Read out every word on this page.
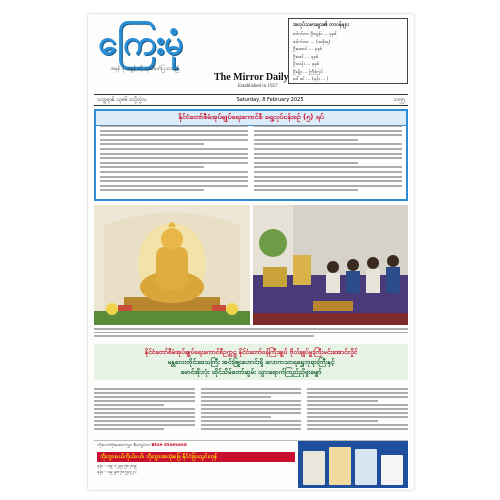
ကြေးမုံ
အမှန် ဖို အမှုန် ကို ထုတ်ဖော်ပြသသည်
The Mirror Daily
Established in 1957
အလုပ်သမားများ၏ တာဝန်များ
ဒေါက်တာ ဦးထွန်း ... ခုနစ်
ဒေါက်တာ ... (အစိုးရ)
ဦးအောင် ... ခုနစ်
ဦးဇော် ... ခုနစ်
ဦးသန်း ... ခုနစ်
ဦးမျိုး ... ကြီးကြပ်
ဒေါ်ခင် ... (ဖုန်း ... )
သက္ကရာဇ် ၁၃၈၆ တပို့တွဲလ	Saturday, 8 February 2025	၁၁၅၅
နိုင်ငံတော်စီမံအုပ်ချုပ်ရေးကောင်စီ ရှေ့လုပ်ငန်းစဉ် (၅) ရပ်
နိုင်ငံတော်စီမံအုပ်ချုပ်ရေးကောင်စီဥက္ကဋ္ဌ နိုင်ငံတော်ဝန်ကြီးချုပ် ဗိုလ်ချုပ်မှူးကြီးမင်းအောင်လှိုင်
မန္တလေးတိုင်းဒေသကြီး အင်းဖြူးဟောင်းရှိ လောကသာရရွှေဘုရားကြီးနှင့်
မောင်အိုးလုံး ထိုင်သိမ်တော်ဆွမ်း သွားရောက်ကြည်ညိုဖူးမျှော်
ကိုးလက်ဝိုးထောင်လွှာ စီမံကွပ်ကဲ Blue Diamond
ဘိုးဘွားဝယ်ကိုယ်ဝယ်၊ ဘိုးဘွားအသုံးဖြေ နိုင်ငံခြားသွင်းကုန်
ဖုန်း - ၀၉ ၁၂၃၄၅၆၇၈၉
ဖုန်း - ၀၉ ၉၈၇၆၅၄၃၂၁
